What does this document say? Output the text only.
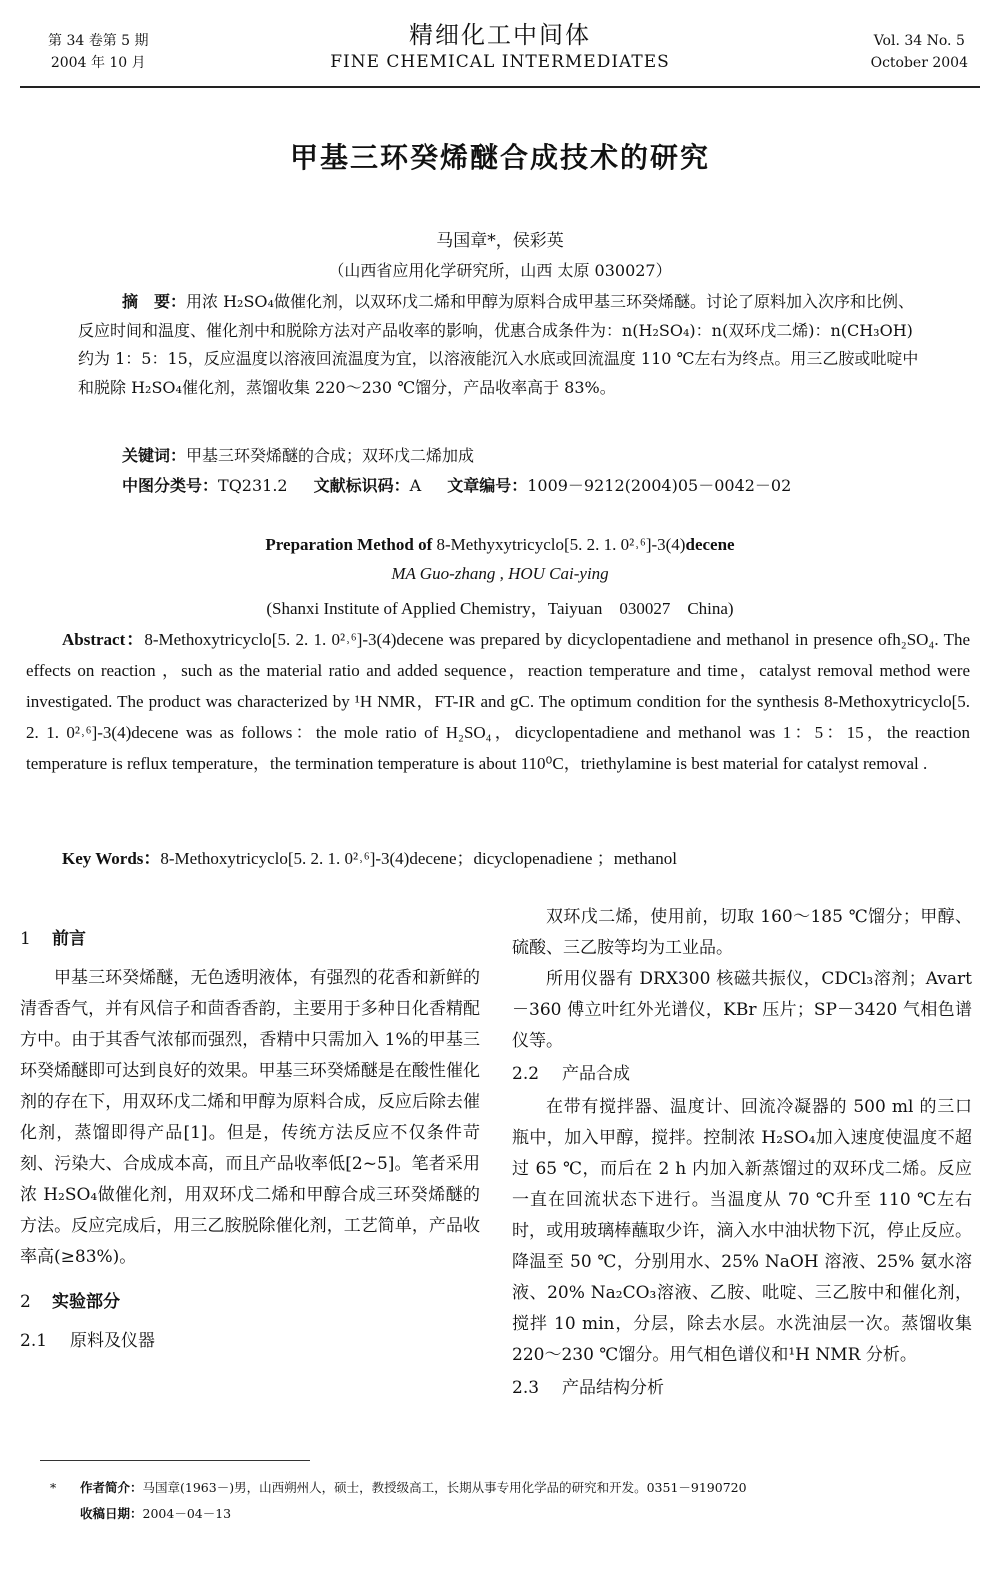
第 34 卷第 5 期
2004 年 10 月
精细化工中间体
FINE CHEMICAL INTERMEDIATES
Vol. 34 No. 5
October 2004
甲基三环癸烯醚合成技术的研究
马国章*，侯彩英
（山西省应用化学研究所，山西 太原 030027）
摘　要：用浓 H₂SO₄做催化剂，以双环戊二烯和甲醇为原料合成甲基三环癸烯醚。讨论了原料加入次序和比例、反应时间和温度、催化剂中和脱除方法对产品收率的影响，优惠合成条件为：n(H₂SO₄)：n(双环戊二烯)：n(CH₃OH)约为 1：5：15，反应温度以溶液回流温度为宜，以溶液能沉入水底或回流温度 110 ℃左右为终点。用三乙胺或吡啶中和脱除 H₂SO₄催化剂，蒸馏收集 220～230 ℃馏分，产品收率高于 83%。
关键词：甲基三环癸烯醚的合成；双环戊二烯加成
中图分类号：TQ231.2 文献标识码：A 文章编号：1009－9212(2004)05－0042－02
Preparation Method of 8-Methyxytricyclo[5. 2. 1. 0²˒⁶]-3(4)decene
MA Guo-zhang , HOU Cai-ying
(Shanxi Institute of Applied Chemistry，Taiyuan　030027　China)
Abstract：8-Methoxytricyclo[5. 2. 1. 0²˒⁶]-3(4)decene was prepared by dicyclopentadiene and methanol in presence ofh₂SO₄. The effects on reaction ，such as the material ratio and added sequence，reaction temperature and time，catalyst removal method were investigated. The product was characterized by ¹H NMR，FT-IR and gC. The optimum condition for the synthesis 8-Methoxytricyclo[5. 2. 1. 0²˒⁶]-3(4)decene was as follows：the mole ratio of H₂SO₄，dicyclopentadiene and methanol was 1：5：15，the reaction temperature is reflux temperature，the termination temperature is about 110⁰C，triethylamine is best material for catalyst removal .
Key Words：8-Methoxytricyclo[5. 2. 1. 0²˒⁶]-3(4)decene；dicyclopenadiene ；methanol

1 前言

甲基三环癸烯醚，无色透明液体，有强烈的花香和新鲜的清香香气，并有风信子和茴香香韵，主要用于多种日化香精配方中。由于其香气浓郁而强烈，香精中只需加入 1%的甲基三环癸烯醚即可达到良好的效果。甲基三环癸烯醚是在酸性催化剂的存在下，用双环戊二烯和甲醇为原料合成，反应后除去催化剂，蒸馏即得产品[1]。但是，传统方法反应不仅条件苛刻、污染大、合成成本高，而且产品收率低[2~5]。笔者采用浓 H₂SO₄做催化剂，用双环戊二烯和甲醇合成三环癸烯醚的方法。反应完成后，用三乙胺脱除催化剂，工艺简单，产品收率高(≥83%)。

2 实验部分

2.1 原料及仪器

双环戊二烯，使用前，切取 160～185 ℃馏分；甲醇、硫酸、三乙胺等均为工业品。

所用仪器有 DRX300 核磁共振仪，CDCl₃溶剂；Avart－360 傅立叶红外光谱仪，KBr 压片；SP－3420 气相色谱仪等。

2.2 产品合成

在带有搅拌器、温度计、回流冷凝器的 500 ml 的三口瓶中，加入甲醇，搅拌。控制浓 H₂SO₄加入速度使温度不超过 65 ℃，而后在 2 h 内加入新蒸馏过的双环戊二烯。反应一直在回流状态下进行。当温度从 70 ℃升至 110 ℃左右时，或用玻璃棒蘸取少许，滴入水中油状物下沉，停止反应。降温至 50 ℃，分别用水、25% NaOH 溶液、25% 氨水溶液、20% Na₂CO₃溶液、乙胺、吡啶、三乙胺中和催化剂，搅拌 10 min，分层，除去水层。水洗油层一次。蒸馏收集 220～230 ℃馏分。用气相色谱仪和¹H NMR 分析。

2.3 产品结构分析

* 作者简介：马国章(1963－)男，山西朔州人，硕士，教授级高工，长期从事专用化学品的研究和开发。0351－9190720
收稿日期：2004－04－13
